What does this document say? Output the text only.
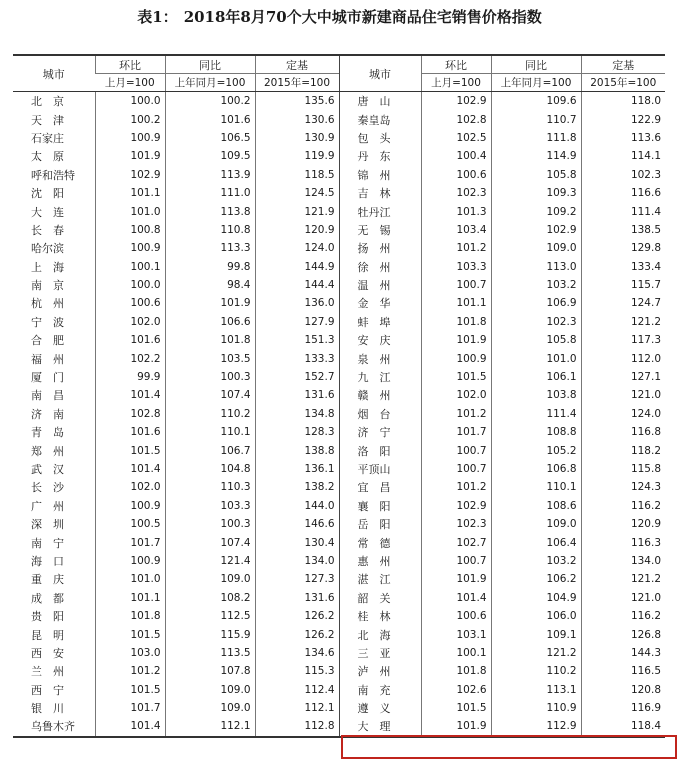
表1： 2018年8月70个大中城市新建商品住宅销售价格指数
城市	环比	同比	定基	城市	环比	同比	定基
	上月=100	上年同月=100	2015年=100		上月=100	上年同月=100	2015年=100
北　京	100.0	100.2	135.6	唐　山	102.9	109.6	118.0
天　津	100.2	101.6	130.6	秦皇岛	102.8	110.7	122.9
石家庄	100.9	106.5	130.9	包　头	102.5	111.8	113.6
太　原	101.9	109.5	119.9	丹　东	100.4	114.9	114.1
呼和浩特	102.9	113.9	118.5	锦　州	100.6	105.8	102.3
沈　阳	101.1	111.0	124.5	吉　林	102.3	109.3	116.6
大　连	101.0	113.8	121.9	牡丹江	101.3	109.2	111.4
长　春	100.8	110.8	120.9	无　锡	103.4	102.9	138.5
哈尔滨	100.9	113.3	124.0	扬　州	101.2	109.0	129.8
上　海	100.1	99.8	144.9	徐　州	103.3	113.0	133.4
南　京	100.0	98.4	144.4	温　州	100.7	103.2	115.7
杭　州	100.6	101.9	136.0	金　华	101.1	106.9	124.7
宁　波	102.0	106.6	127.9	蚌　埠	101.8	102.3	121.2
合　肥	101.6	101.8	151.3	安　庆	101.9	105.8	117.3
福　州	102.2	103.5	133.3	泉　州	100.9	101.0	112.0
厦　门	99.9	100.3	152.7	九　江	101.5	106.1	127.1
南　昌	101.4	107.4	131.6	赣　州	102.0	103.8	121.0
济　南	102.8	110.2	134.8	烟　台	101.2	111.4	124.0
青　岛	101.6	110.1	128.3	济　宁	101.7	108.8	116.8
郑　州	101.5	106.7	138.8	洛　阳	100.7	105.2	118.2
武　汉	101.4	104.8	136.1	平顶山	100.7	106.8	115.8
长　沙	102.0	110.3	138.2	宜　昌	101.2	110.1	124.3
广　州	100.9	103.3	144.0	襄　阳	102.9	108.6	116.2
深　圳	100.5	100.3	146.6	岳　阳	102.3	109.0	120.9
南　宁	101.7	107.4	130.4	常　德	102.7	106.4	116.3
海　口	100.9	121.4	134.0	惠　州	100.7	103.2	134.0
重　庆	101.0	109.0	127.3	湛　江	101.9	106.2	121.2
成　都	101.1	108.2	131.6	韶　关	101.4	104.9	121.0
贵　阳	101.8	112.5	126.2	桂　林	100.6	106.0	116.2
昆　明	101.5	115.9	126.2	北　海	103.1	109.1	126.8
西　安	103.0	113.5	134.6	三　亚	100.1	121.2	144.3
兰　州	101.2	107.8	115.3	泸　州	101.8	110.2	116.5
西　宁	101.5	109.0	112.4	南　充	102.6	113.1	120.8
银　川	101.7	109.0	112.1	遵　义	101.5	110.9	116.9
乌鲁木齐	101.4	112.1	112.8	大　理	101.9	112.9	118.4
